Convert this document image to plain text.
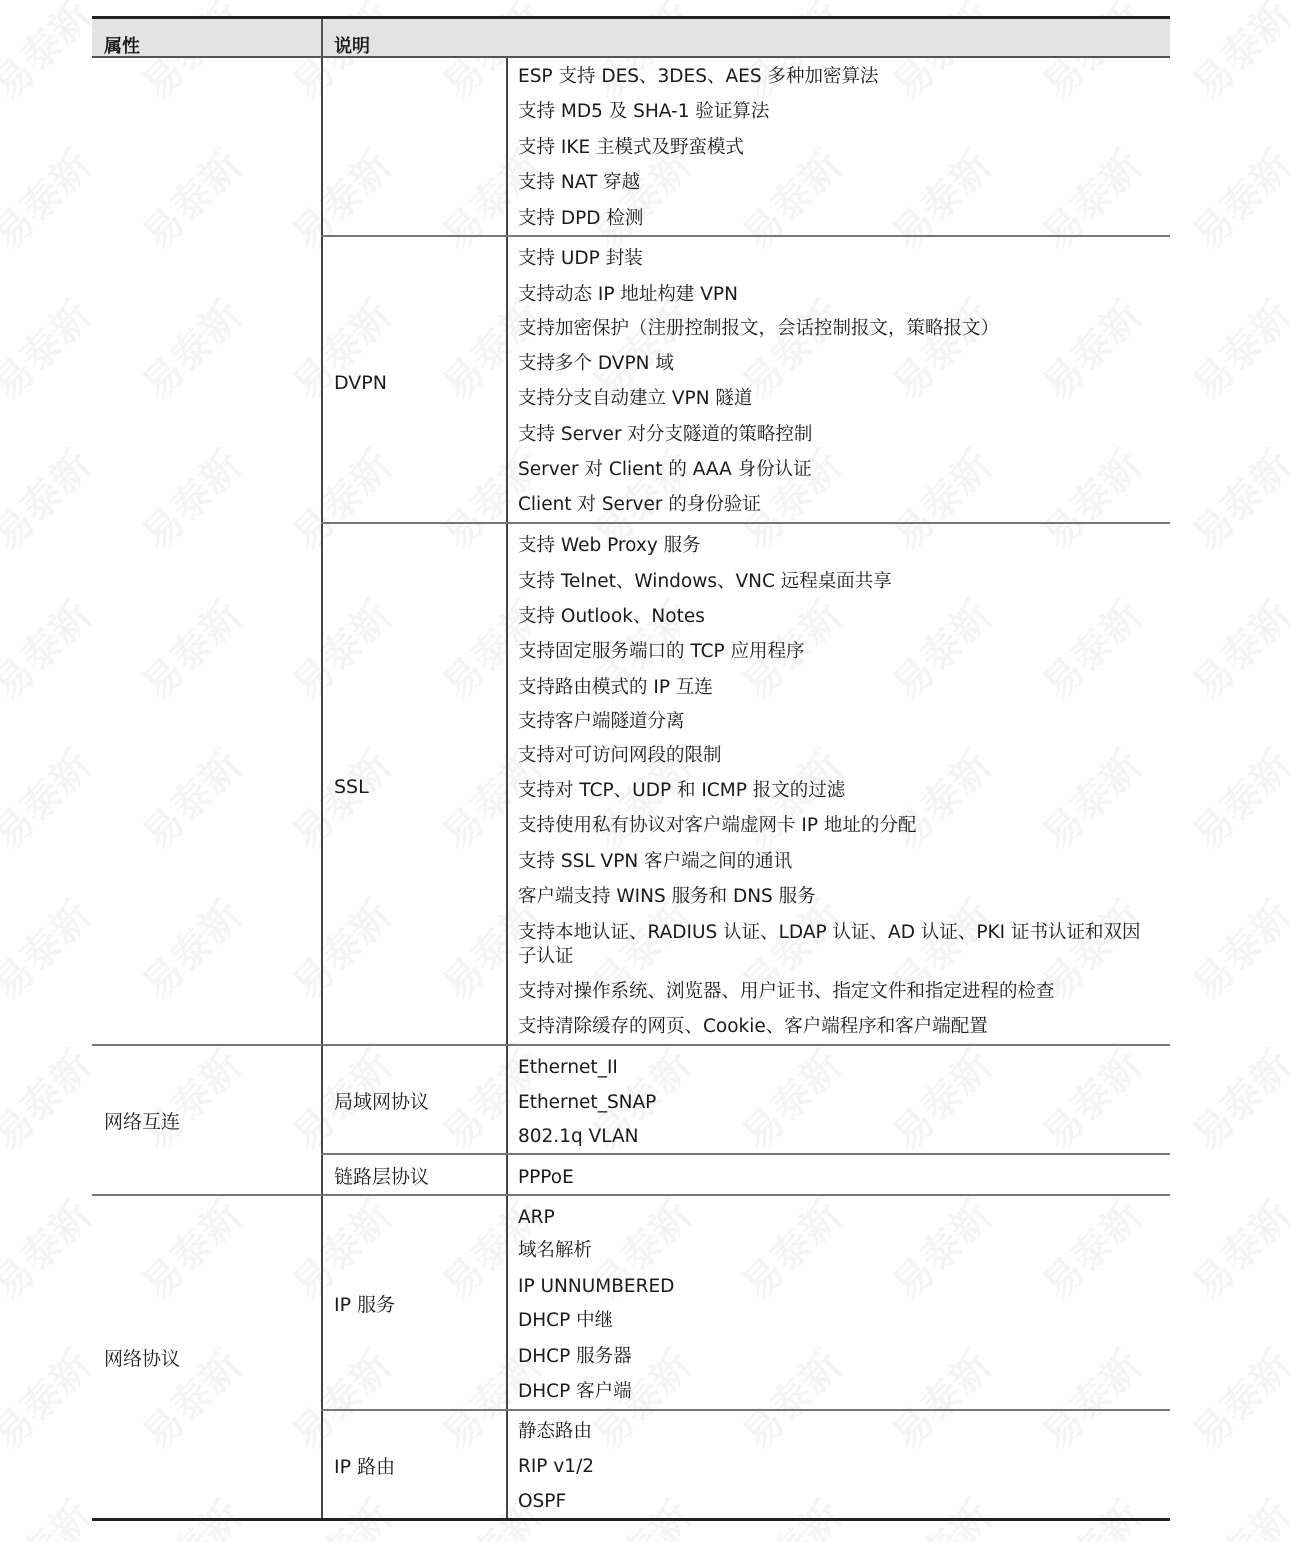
属性	说明
DVPN
SSL
网络互连
局域网协议
链路层协议
网络协议
IP 服务
IP 路由
ESP 支持 DES、3DES、AES 多种加密算法
支持 MD5 及 SHA-1 验证算法
支持 IKE 主模式及野蛮模式
支持 NAT 穿越
支持 DPD 检测
支持 UDP 封装
支持动态 IP 地址构建 VPN
支持加密保护（注册控制报文，会话控制报文，策略报文）
支持多个 DVPN 域
支持分支自动建立 VPN 隧道
支持 Server 对分支隧道的策略控制
Server 对 Client 的 AAA 身份认证
Client 对 Server 的身份验证
支持 Web Proxy 服务
支持 Telnet、Windows、VNC 远程桌面共享
支持 Outlook、Notes
支持固定服务端口的 TCP 应用程序
支持路由模式的 IP 互连
支持客户端隧道分离
支持对可访问网段的限制
支持对 TCP、UDP 和 ICMP 报文的过滤
支持使用私有协议对客户端虚网卡 IP 地址的分配
支持 SSL VPN 客户端之间的通讯
客户端支持 WINS 服务和 DNS 服务
支持本地认证、RADIUS 认证、LDAP 认证、AD 认证、PKI 证书认证和双因子认证
支持对操作系统、浏览器、用户证书、指定文件和指定进程的检查
支持清除缓存的网页、Cookie、客户端程序和客户端配置
Ethernet_II
Ethernet_SNAP
802.1q VLAN
PPPoE
ARP
域名解析
IP UNNUMBERED
DHCP 中继
DHCP 服务器
DHCP 客户端
静态路由
RIP v1/2
OSPF
